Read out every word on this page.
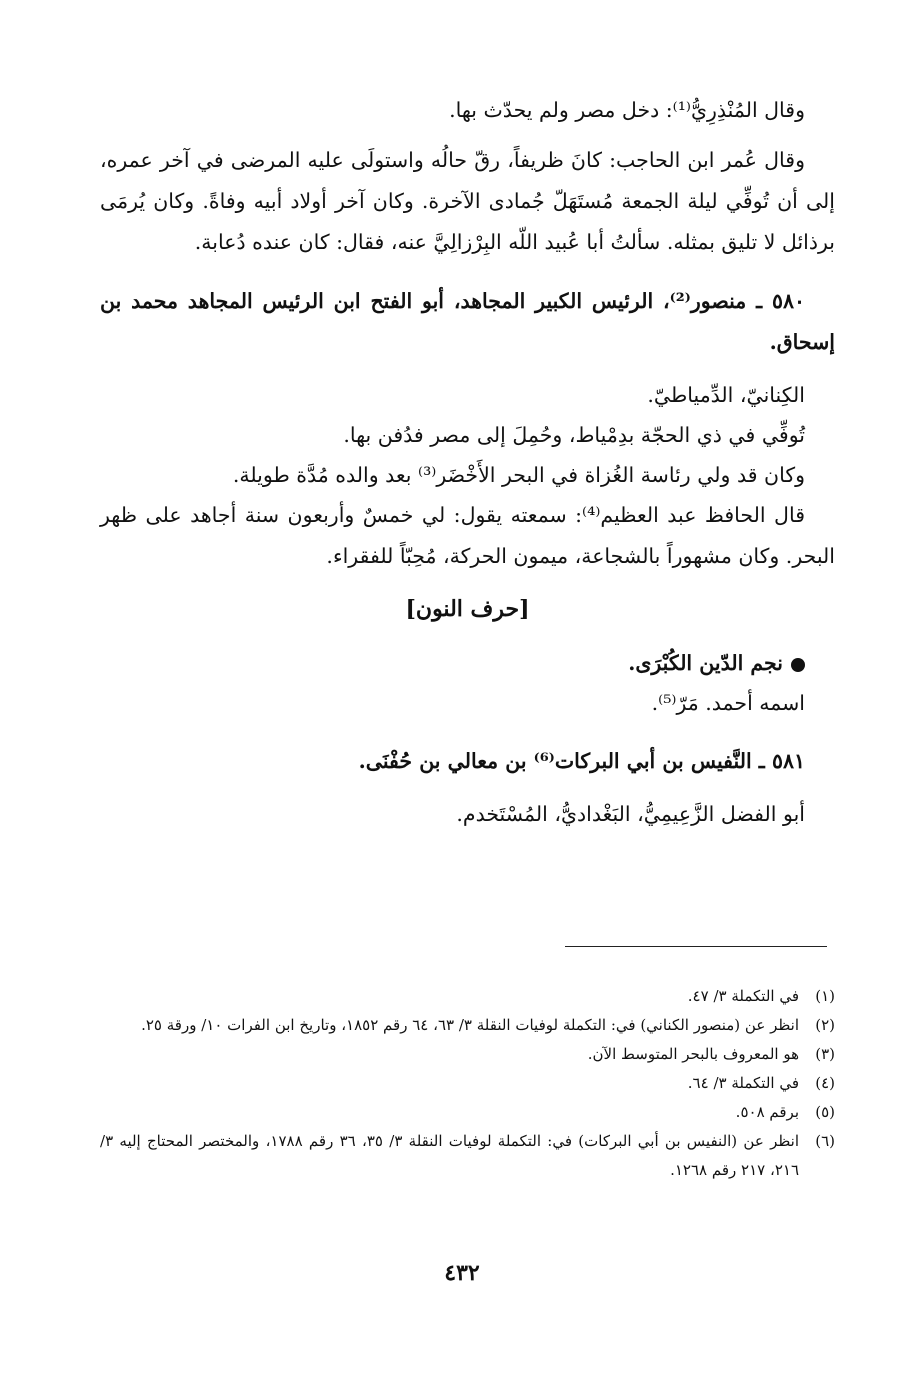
وقال المُنْذِرِيُّ⁽¹⁾: دخل مصر ولم يحدّث بها.

وقال عُمر ابن الحاجب: كانَ ظريفاً، رقّ حالُه واستولَى عليه المرضى في آخر عمره، إلى أن تُوفِّي ليلة الجمعة مُستَهَلّ جُمادى الآخرة. وكان آخر أولاد أبيه وفاةً. وكان يُرمَى برذائل لا تليق بمثله. سألتُ أبا عُبيد اللّه البِرْزالِيَّ عنه، فقال: كان عنده دُعابة.

٥٨٠ ـ منصور⁽²⁾، الرئيس الكبير المجاهد، أبو الفتح ابن الرئيس المجاهد محمد بن إسحاق.

الكِنانيّ، الدِّمياطيّ.

تُوفِّي في ذي الحجّة بدِمْياط، وحُمِلَ إلى مصر فدُفن بها.

وكان قد ولي رئاسة الغُزاة في البحر الأَخْضَر⁽³⁾ بعد والده مُدَّة طويلة.

قال الحافظ عبد العظيم⁽⁴⁾: سمعته يقول: لي خمسٌ وأربعون سنة أجاهد على ظهر البحر. وكان مشهوراً بالشجاعة، ميمون الحركة، مُحِبّاً للفقراء.

[حرف النون]

نجم الدّين الكُبْرَى.

اسمه أحمد. مَرّ⁽⁵⁾.

٥٨١ ـ النَّفيس بن أبي البركات⁽⁶⁾ بن معالي بن حُفْنَى.

أبو الفضل الزَّعِيمِيُّ، البَغْداديُّ، المُسْتَخدم.

(١)
في التكملة ٣/ ٤٧.
(٢)
انظر عن (منصور الكناني) في: التكملة لوفيات النقلة ٣/ ٦٣، ٦٤ رقم ١٨٥٢، وتاريخ ابن الفرات ١٠/ ورقة ٢٥.
(٣)
هو المعروف بالبحر المتوسط الآن.
(٤)
في التكملة ٣/ ٦٤.
(٥)
برقم ٥٠٨.
(٦)
انظر عن (النفيس بن أبي البركات) في: التكملة لوفيات النقلة ٣/ ٣٥، ٣٦ رقم ١٧٨٨، والمختصر المحتاج إليه ٣/ ٢١٦، ٢١٧ رقم ١٢٦٨.
٤٣٢
